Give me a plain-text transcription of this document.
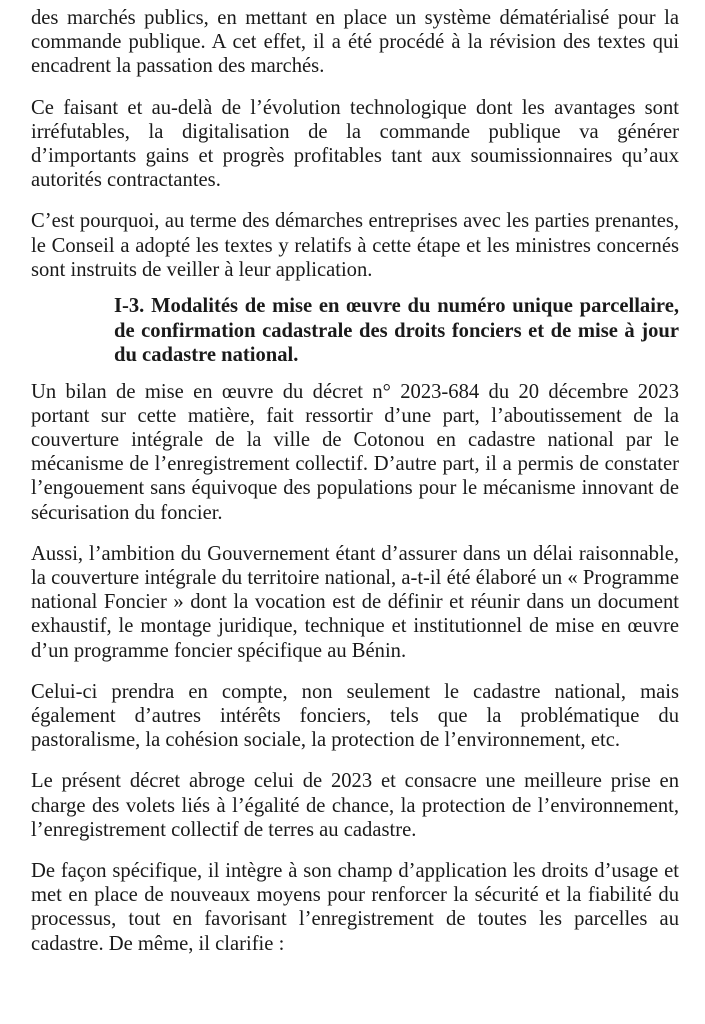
des marchés publics, en mettant en place un système dématérialisé pour la commande publique. A cet effet, il a été procédé à la révision des textes qui encadrent la passation des marchés.

Ce faisant et au-delà de l’évolution technologique dont les avantages sont irréfutables, la digitalisation de la commande publique va générer d’importants gains et progrès profitables tant aux soumissionnaires qu’aux autorités contractantes.

C’est pourquoi, au terme des démarches entreprises avec les parties prenantes, le Conseil a adopté les textes y relatifs à cette étape et les ministres concernés sont instruits de veiller à leur application.

I-3. Modalités de mise en œuvre du numéro unique parcellaire, de confirmation cadastrale des droits fonciers et de mise à jour du cadastre national.

Un bilan de mise en œuvre du décret n° 2023-684 du 20 décembre 2023 portant sur cette matière, fait ressortir d’une part, l’aboutissement de la couverture intégrale de la ville de Cotonou en cadastre national par le mécanisme de l’enregistrement collectif. D’autre part, il a permis de constater l’engouement sans équivoque des populations pour le mécanisme innovant de sécurisation du foncier.

Aussi, l’ambition du Gouvernement étant d’assurer dans un délai raisonnable, la couverture intégrale du territoire national, a-t-il été élaboré un « Programme national Foncier » dont la vocation est de définir et réunir dans un document exhaustif, le montage juridique, technique et institutionnel de mise en œuvre d’un programme foncier spécifique au Bénin.

Celui-ci prendra en compte, non seulement le cadastre national, mais également d’autres intérêts fonciers, tels que la problématique du pastoralisme, la cohésion sociale, la protection de l’environnement, etc.

Le présent décret abroge celui de 2023 et consacre une meilleure prise en charge des volets liés à l’égalité de chance, la protection de l’environnement, l’enregistrement collectif de terres au cadastre.

De façon spécifique, il intègre à son champ d’application les droits d’usage et met en place de nouveaux moyens pour renforcer la sécurité et la fiabilité du processus, tout en favorisant l’enregistrement de toutes les parcelles au cadastre. De même, il clarifie :
